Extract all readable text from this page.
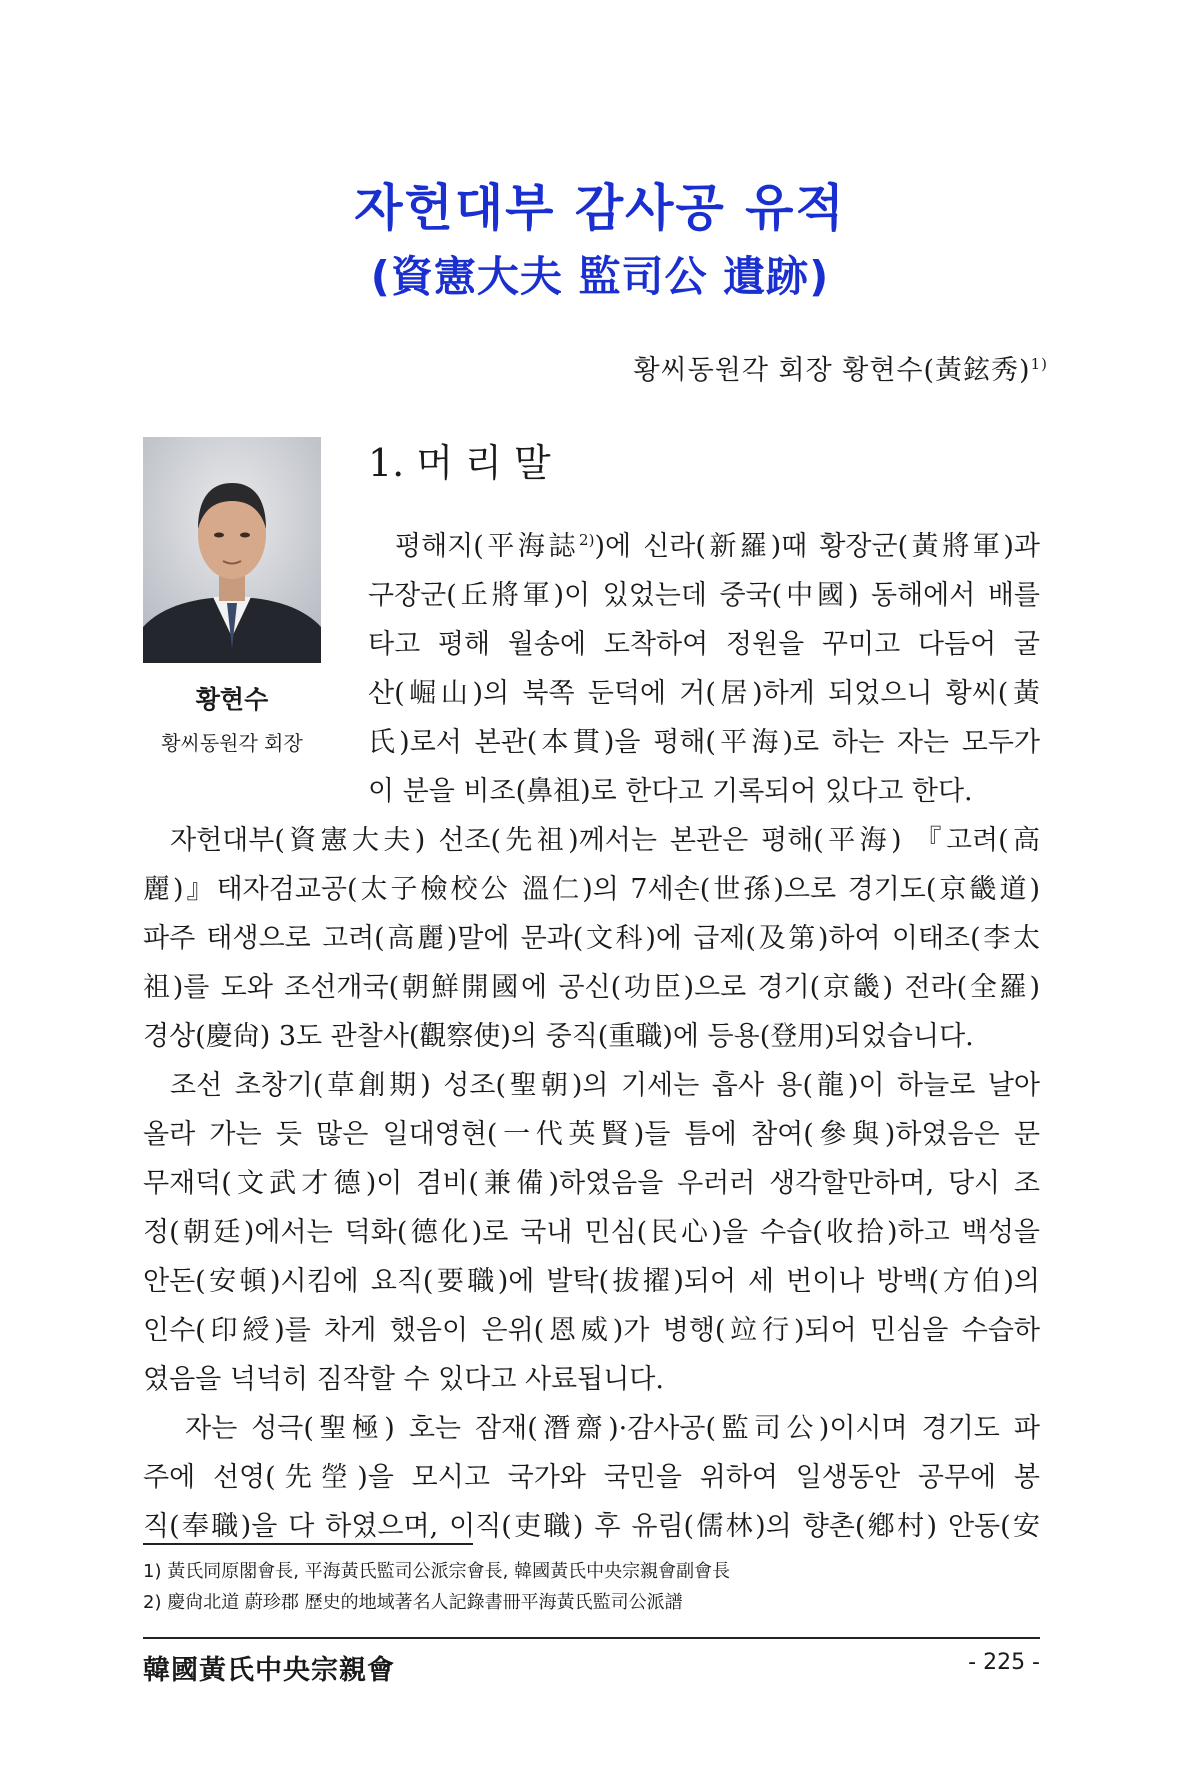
자헌대부 감사공 유적
(資憲大夫 監司公 遺跡)
황씨동원각 회장 황현수(黃鉉秀)$^{1)}$
황현수
황씨동원각 회장
1. 머 리 말
평해지(平海誌$^{2)}$)에 신라(新羅)때 황장군(黃將軍)과
구장군(丘將軍)이 있었는데 중국(中國) 동해에서 배를
타고 평해 월송에 도착하여 정원을 꾸미고 다듬어 굴
산(崛山)의 북쪽 둔덕에 거(居)하게 되었으니 황씨(黃
氏)로서 본관(本貫)을 평해(平海)로 하는 자는 모두가
이 분을 비조(鼻祖)로 한다고 기록되어 있다고 한다.
자헌대부(資憲大夫) 선조(先祖)께서는 본관은 평해(平海) 『고려(高
麗)』태자검교공(太子檢校公 溫仁)의 7세손(世孫)으로 경기도(京畿道)
파주 태생으로 고려(高麗)말에 문과(文科)에 급제(及第)하여 이태조(李太
祖)를 도와 조선개국(朝鮮開國에 공신(功臣)으로 경기(京畿) 전라(全羅)
경상(慶尙) 3도 관찰사(觀察使)의 중직(重職)에 등용(登用)되었습니다.
조선 초창기(草創期) 성조(聖朝)의 기세는 흡사 용(龍)이 하늘로 날아
올라 가는 듯 많은 일대영현(一代英賢)들 틈에 참여(參與)하였음은 문
무재덕(文武才德)이 겸비(兼備)하였음을 우러러 생각할만하며, 당시 조
정(朝廷)에서는 덕화(德化)로 국내 민심(民心)을 수습(收拾)하고 백성을
안돈(安頓)시킴에 요직(要職)에 발탁(拔擢)되어 세 번이나 방백(方伯)의
인수(印綬)를 차게 했음이 은위(恩威)가 병행(竝行)되어 민심을 수습하
였음을 넉넉히 짐작할 수 있다고 사료됩니다.
자는 성극(聖極) 호는 잠재(潛齋)·감사공(監司公)이시며 경기도 파
주에 선영(先塋)을 모시고 국가와 국민을 위하여 일생동안 공무에 봉
직(奉職)을 다 하였으며, 이직(吏職) 후 유림(儒林)의 향촌(鄕村) 안동(安
1) 黃氏同原閣會長, 平海黃氏監司公派宗會長, 韓國黃氏中央宗親會副會長
2) 慶尙北道 蔚珍郡 歷史的地域著名人記錄書冊平海黃氏監司公派譜
韓國黃氏中央宗親會	- 225 -
